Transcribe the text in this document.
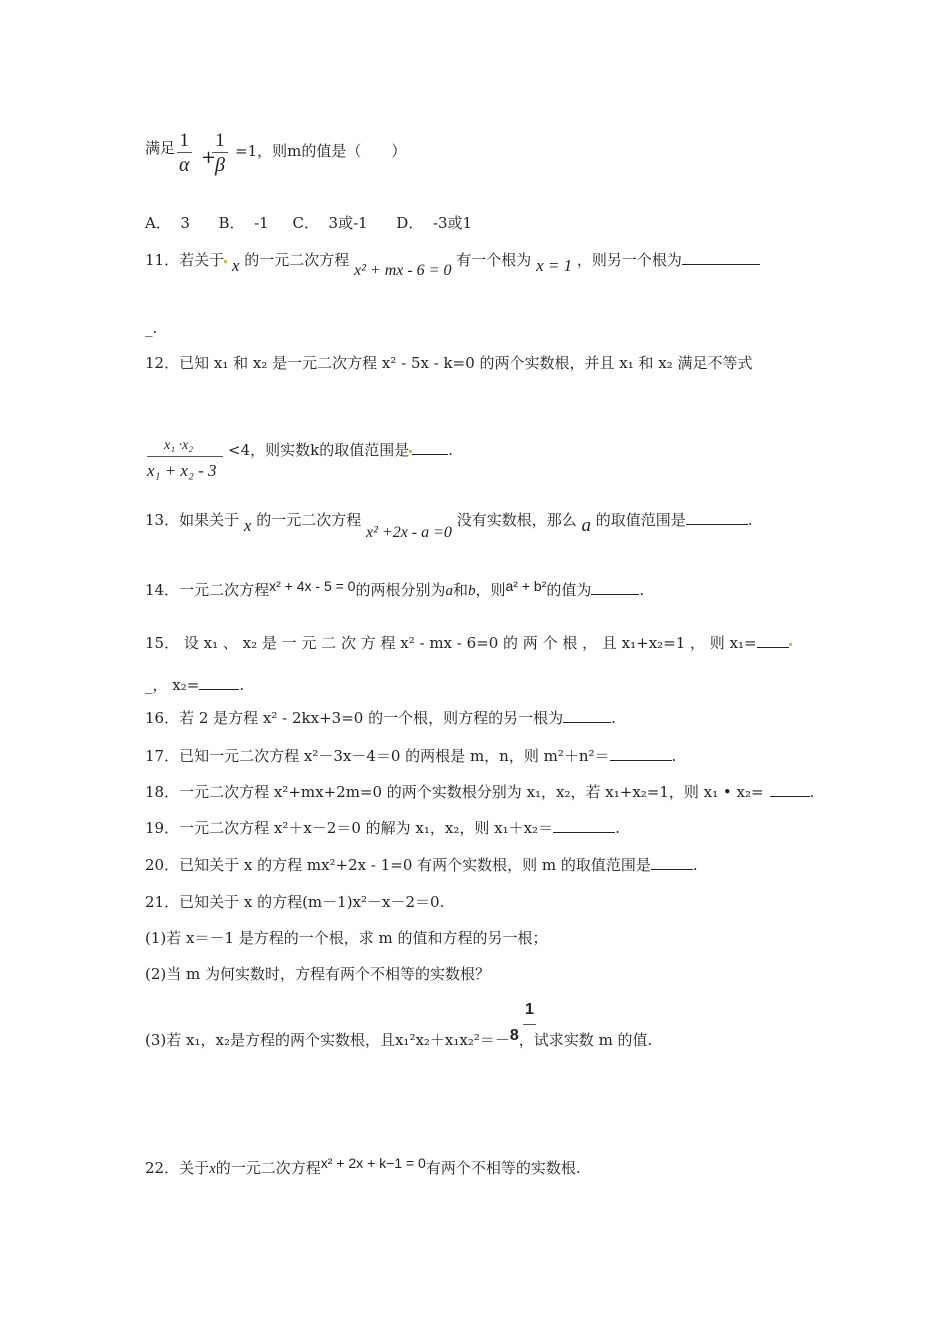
满足 $\frac{1}{\alpha}$ +
$\frac{1}{\beta} =1$，则m的值是（　　）
A．  3      B．  -1     C．  3或-1      D．  -3或1
11．若关于 x 的一元二次方程 x² + mx - 6 = 0 有一个根为 x = 1 ，则另一个根为
_.
12．已知 x₁ 和 x₂ 是一元二次方程 x² - 5x - k=0 的两个实数根，并且 x₁ 和 x₂ 满足不等式
x₁ ·x₂
x₁ + x₂ - 3
<4，则实数k的取值范围是	.
13．如果关于 x 的一元二次方程 x² +2x - a =0 没有实数根，那么 a 的取值范围是	.
14．一元二次方程x² + 4x - 5 = 0的两根分别为a和b，则a² + b²的值为	.
15． 设 x₁ 、 x₂ 是 一 元 二 次 方 程 x² - mx - 6=0 的 两 个 根 ， 且 x₁+x₂=1 ， 则 x₁=
_， x₂=	.
16．若 2 是方程 x² - 2kx+3=0 的一个根，则方程的另一根为	.
17．已知一元二次方程 x²－3x－4＝0 的两根是 m，n，则 m²＋n²＝	.
18．一元二次方程 x²+mx+2m=0 的两个实数根分别为 x₁，x₂，若 x₁+x₂=1，则 x₁ • x₂=	.
19．一元二次方程 x²＋x－2＝0 的解为 x₁，x₂，则 x₁＋x₂＝	.
20．已知关于 x 的方程 mx²+2x - 1=0 有两个实数根，则 m 的取值范围是	.
21．已知关于 x 的方程(m－1)x²－x－2＝0.
(1)若 x＝－1 是方程的一个根，求 m 的值和方程的另一根；
(2)当 m 为何实数时，方程有两个不相等的实数根？
1
(3)若 x₁，x₂是方程的两个实数根，且x₁²x₂＋x₁x₂²＝－8，试求实数 m 的值.
22．关于x的一元二次方程x² + 2x + k−1 = 0有两个不相等的实数根.
